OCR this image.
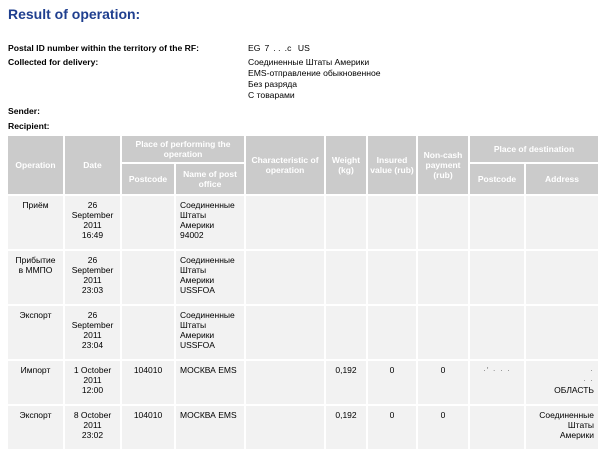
Result of operation:
Postal ID number within the territory of the RF:	EG  7  . .  .c   US
Collected for delivery:	Соединенные Штаты Америки
EMS-отправление обыкновенное
Без разряда
С товарами
Sender:
Recipient:
Operation	Date	Place of performing the operation		Characteristic of operation	Weight (kg)	Insured value (rub)	Non-cash payment (rub)	Place of destination	
		Postcode	Name of post office					Postcode	Address

Приём	26
September
2011
16:49		Соединенные
Штаты
Америки
94002						

Прибытие
в ММПО	26
September
2011
23:03		Соединенные
Штаты
Америки
USSFOA						

Экспорт	26
September
2011
23:04		Соединенные
Штаты
Америки
USSFOA						

Импорт	1 October
2011
12:00	104010	МОСКВА EMS		0,192	0	0	·' · · ·	·
· ·
ОБЛАСТЬ

Экспорт	8 October
2011
23:02	104010	МОСКВА EMS		0,192	0	0		Соединенные
Штаты
Америки
